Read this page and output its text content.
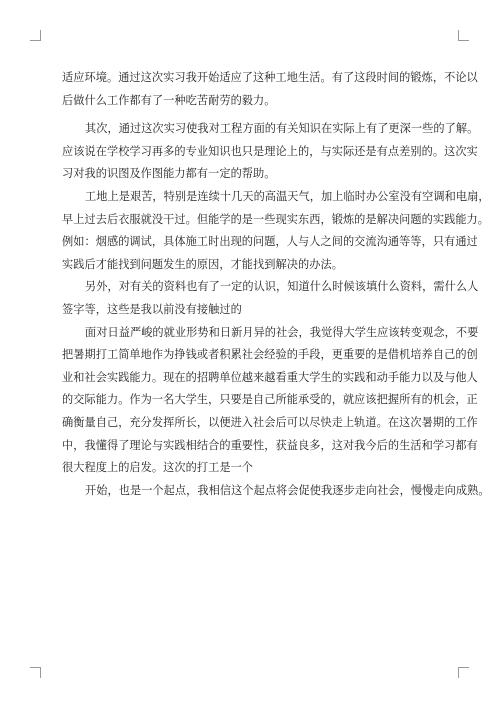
适应环境。通过这次实习我开始适应了这种工地生活。有了这段时间的锻炼，不论以
后做什么工作都有了一种吃苦耐劳的毅力。
其次，通过这次实习使我对工程方面的有关知识在实际上有了更深一些的了解。
应该说在学校学习再多的专业知识也只是理论上的，与实际还是有点差别的。这次实
习对我的识图及作图能力都有一定的帮助。
工地上是艰苦，特别是连续十几天的高温天气，加上临时办公室没有空调和电扇，
早上过去后衣服就没干过。但能学的是一些现实东西，锻炼的是解决问题的实践能力。
例如：烟感的调试，具体施工时出现的问题，人与人之间的交流沟通等等，只有通过
实践后才能找到问题发生的原因，才能找到解决的办法。
另外，对有关的资料也有了一定的认识，知道什么时候该填什么资料，需什么人
签字等，这些是我以前没有接触过的
面对日益严峻的就业形势和日新月异的社会，我觉得大学生应该转变观念，不要
把暑期打工简单地作为挣钱或者积累社会经验的手段，更重要的是借机培养自己的创
业和社会实践能力。现在的招聘单位越来越看重大学生的实践和动手能力以及与他人
的交际能力。作为一名大学生，只要是自己所能承受的，就应该把握所有的机会，正
确衡量自己，充分发挥所长，以便进入社会后可以尽快走上轨道。在这次暑期的工作
中，我懂得了理论与实践相结合的重要性，获益良多，这对我今后的生活和学习都有
很大程度上的启发。这次的打工是一个
开始，也是一个起点，我相信这个起点将会促使我逐步走向社会，慢慢走向成熟。
